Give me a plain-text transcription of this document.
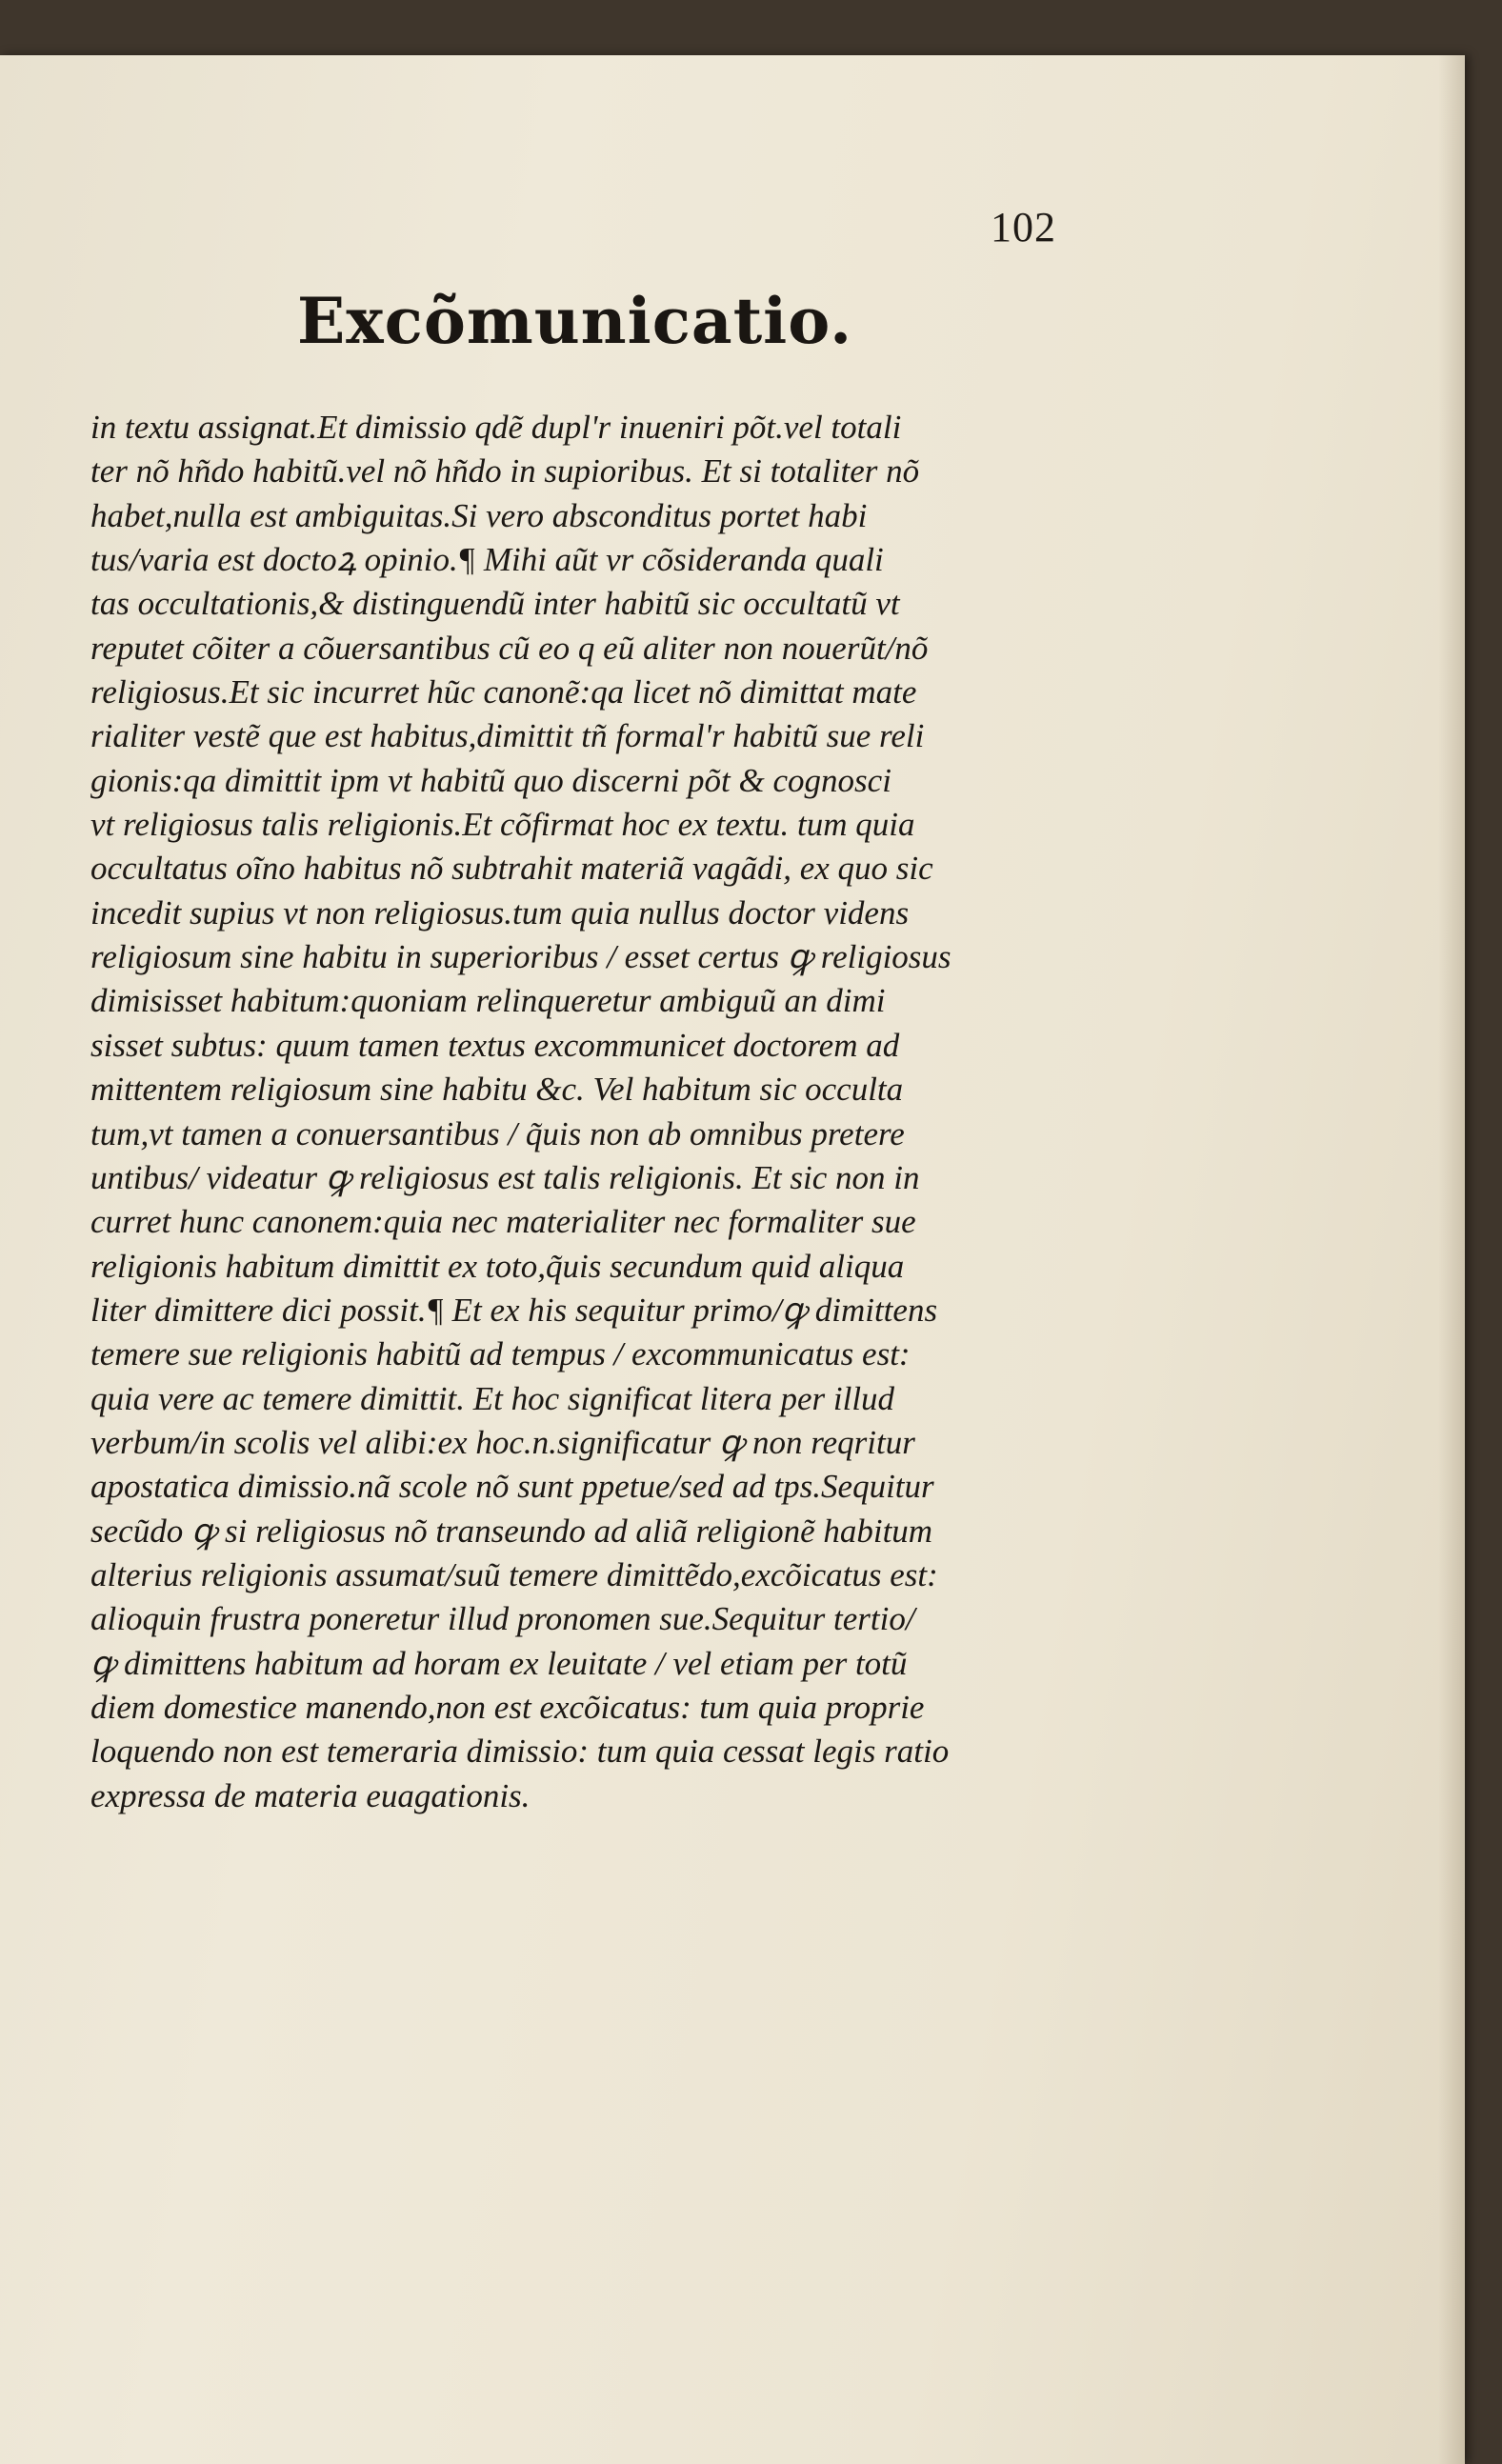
102
Excõmunicatio.
in textu assignat.Et dimissio qdẽ dupl'r inueniri põt.vel totali
ter nõ hñdo habitũ.vel nõ hñdo in supioribus. Et si totaliter nõ
habet,nulla est ambiguitas.Si vero absconditus portet habi
tus/varia est doctoꝝ opinio.¶ Mihi aũt vr cõsideranda quali
tas occultationis,& distinguendũ inter habitũ sic occultatũ vt
reputet cõiter a cõuersantibus cũ eo q eũ aliter non nouerũt/nõ
religiosus.Et sic incurret hũc canonẽ:qa licet nõ dimittat mate
rialiter vestẽ que est habitus,dimittit tñ formal'r habitũ sue reli
gionis:qa dimittit ipm vt habitũ quo discerni põt & cognosci
vt religiosus talis religionis.Et cõfirmat hoc ex textu. tum quia
occultatus oĩno habitus nõ subtrahit materiã vagãdi, ex quo sic
incedit supius vt non religiosus.tum quia nullus doctor videns
religiosum sine habitu in superioribus / esset certus ꝙ religiosus
dimisisset habitum:quoniam relinqueretur ambiguũ an dimi
sisset subtus: quum tamen textus excommunicet doctorem ad
mittentem religiosum sine habitu &c. Vel habitum sic occulta
tum,vt tamen a conuersantibus / q̃uis non ab omnibus pretere
untibus/ videatur ꝙ religiosus est talis religionis. Et sic non in
curret hunc canonem:quia nec materialiter nec formaliter sue
religionis habitum dimittit ex toto,q̃uis secundum quid aliqua
liter dimittere dici possit.¶ Et ex his sequitur primo/ꝙ dimittens
temere sue religionis habitũ ad tempus / excommunicatus est:
quia vere ac temere dimittit. Et hoc significat litera per illud
verbum/in scolis vel alibi:ex hoc.n.significatur ꝙ non reqritur
apostatica dimissio.nã scole nõ sunt ppetue/sed ad tps.Sequitur
secũdo ꝙ si religiosus nõ transeundo ad aliã religionẽ habitum
alterius religionis assumat/suũ temere dimittẽdo,excõicatus est:
alioquin frustra poneretur illud pronomen sue.Sequitur tertio/
ꝙ dimittens habitum ad horam ex leuitate / vel etiam per totũ
diem domestice manendo,non est excõicatus: tum quia proprie
loquendo non est temeraria dimissio: tum quia cessat legis ratio
expressa de materia euagationis.
